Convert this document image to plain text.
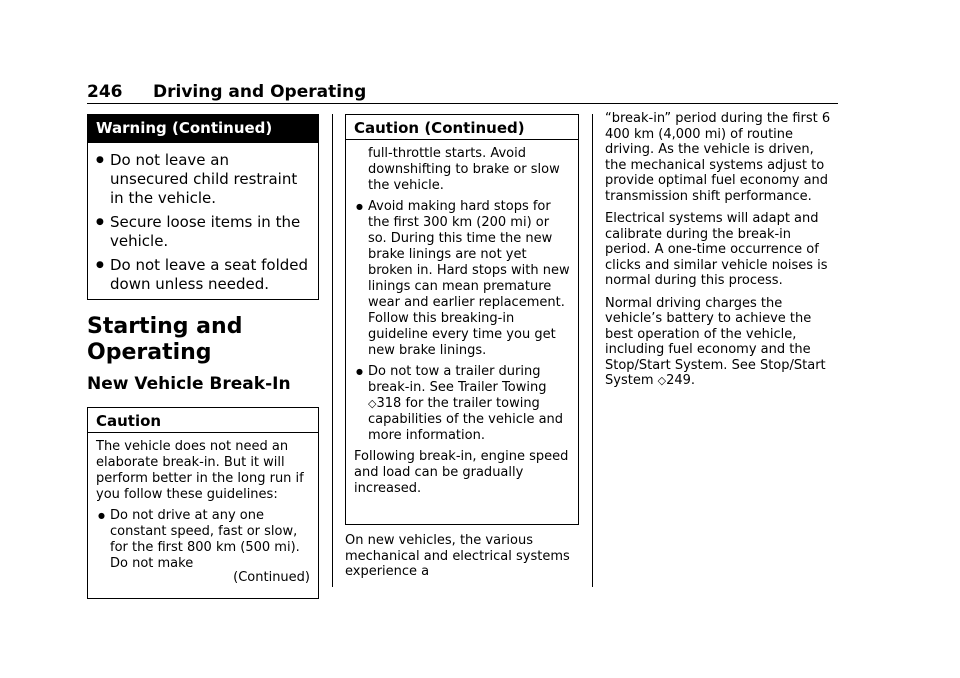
246 Driving and Operating
Warning (Continued)
● Do not leave an unsecured child restraint in the vehicle.
● Secure loose items in the vehicle.
● Do not leave a seat folded down unless needed.
Starting and Operating
New Vehicle Break-In
Caution

The vehicle does not need an elaborate break-in. But it will perform better in the long run if you follow these guidelines:

● Do not drive at any one constant speed, fast or slow, for the first 800 km (500 mi). Do not make
(Continued)
Caution (Continued)

full-throttle starts. Avoid downshifting to brake or slow the vehicle.

● Avoid making hard stops for the first 300 km (200 mi) or so. During this time the new brake linings are not yet broken in. Hard stops with new linings can mean premature wear and earlier replacement. Follow this breaking-in guideline every time you get new brake linings.
● Do not tow a trailer during break-in. See Trailer Towing ◇318 for the trailer towing capabilities of the vehicle and more information.

Following break-in, engine speed and load can be gradually increased.

On new vehicles, the various mechanical and electrical systems experience a

“break-in” period during the first 6 400 km (4,000 mi) of routine driving. As the vehicle is driven, the mechanical systems adjust to provide optimal fuel economy and transmission shift performance.

Electrical systems will adapt and calibrate during the break-in period. A one-time occurrence of clicks and similar vehicle noises is normal during this process.

Normal driving charges the vehicle’s battery to achieve the best operation of the vehicle, including fuel economy and the Stop/Start System. See Stop/Start System ◇249.
